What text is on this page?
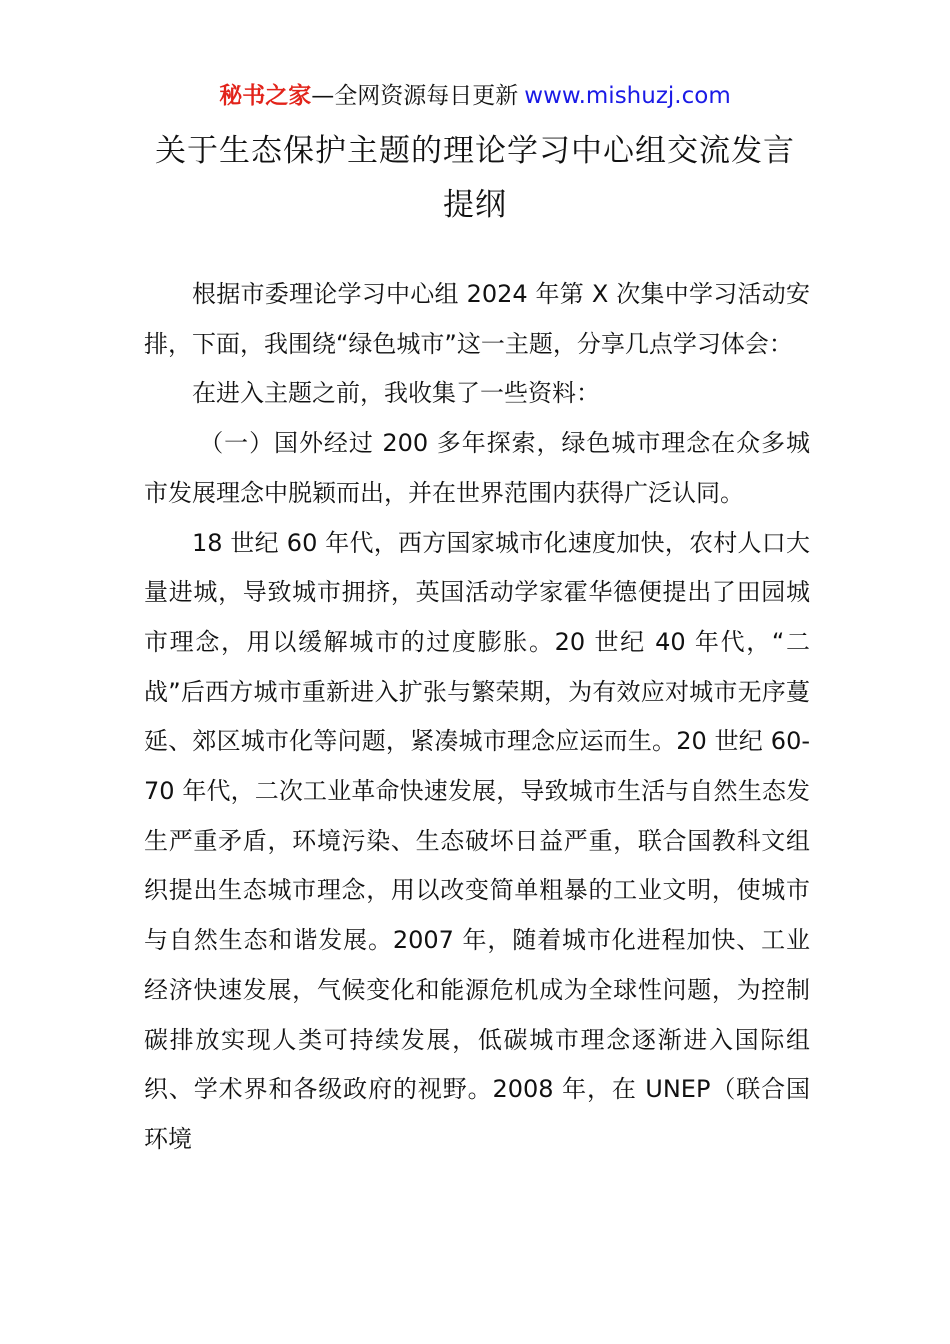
秘书之家—全网资源每日更新 www.mishuzj.com
关于生态保护主题的理论学习中心组交流发言提纲

根据市委理论学习中心组 2024 年第 X 次集中学习活动安排，下面，我围绕“绿色城市”这一主题，分享几点学习体会：

在进入主题之前，我收集了一些资料：

（一）国外经过 200 多年探索，绿色城市理念在众多城市发展理念中脱颖而出，并在世界范围内获得广泛认同。

18 世纪 60 年代，西方国家城市化速度加快，农村人口大量进城，导致城市拥挤，英国活动学家霍华德便提出了田园城市理念，用以缓解城市的过度膨胀。20 世纪 40 年代，“二战”后西方城市重新进入扩张与繁荣期，为有效应对城市无序蔓延、郊区城市化等问题，紧凑城市理念应运而生。20 世纪 60-70 年代，二次工业革命快速发展，导致城市生活与自然生态发生严重矛盾，环境污染、生态破坏日益严重，联合国教科文组织提出生态城市理念，用以改变简单粗暴的工业文明，使城市与自然生态和谐发展。2007 年，随着城市化进程加快、工业经济快速发展，气候变化和能源危机成为全球性问题，为控制碳排放实现人类可持续发展，低碳城市理念逐渐进入国际组织、学术界和各级政府的视野。2008 年，在 UNEP（联合国环境
